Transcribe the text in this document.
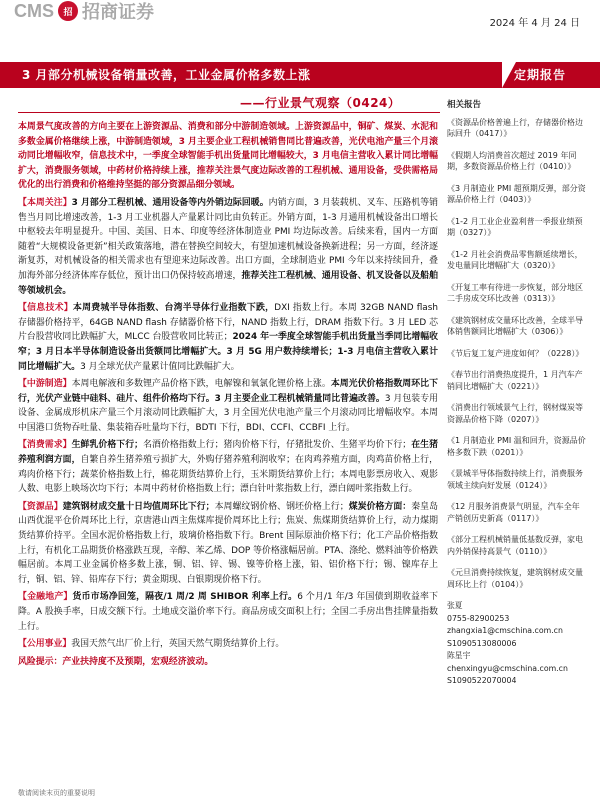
CMS	招 招商证券
2024 年 4 月 24 日
3 月部分机械设备销量改善，工业金属价格多数上涨	定期报告
——行业景气观察（0424）

本周景气度改善的方向主要在上游资源品、消费和部分中游制造领域。上游资源品中，铜矿、煤炭、水泥和多数金属价格继续上涨，中游制造领域，3 月主要企业工程机械销售同比普遍改善，光伏电池产量三个月滚动同比增幅收窄，信息技术中，一季度全球智能手机出货量同比增幅较大，3 月电信主营收入累计同比增幅扩大，消费服务领域，中药材价格持续上涨，推荐关注景气度边际改善的工程机械、通用设备，受供需格局优化的出行消费和价格维持坚挺的部分资源品细分领域。

【本周关注】3 月部分工程机械、通用设备等内外销边际回暖。内销方面，3 月装载机、叉车、压路机等销售当月同比增速改善，1-3 月工业机器人产量累计同比由负转正。外销方面，1-3 月通用机械设备出口增长中枢较去年明显提升。中国、美国、日本、印度等经济体制造业 PMI 均边际改善。后续来看，国内一方面随着“大规模设备更新”相关政策落地，潜在替换空间较大，有望加速机械设备换新进程；另一方面，经济逐渐复苏，对机械设备的相关需求也有望迎来边际改善。出口方面，全球制造业 PMI 今年以来持续回升，叠加海外部分经济体库存低位，预计出口仍保持较高增速，推荐关注工程机械、通用设备、机叉设备以及船舶等领域机会。

【信息技术】本周费城半导体指数、台湾半导体行业指数下跌，DXI 指数上行。本周 32GB NAND flash 存储器价格持平，64GB NAND flash 存储器价格下行，NAND 指数上行，DRAM 指数下行。3 月 LED 芯片台股营收同比跌幅扩大，MLCC 台股营收同比转正；2024 年一季度全球智能手机出货量当季同比增幅收窄；3 月日本半导体制造设备出货额同比增幅扩大。3 月 5G 用户数持续增长；1-3 月电信主营收入累计同比增幅扩大。3 月全球光伏产量累计值同比跌幅扩大。

【中游制造】本周电解液和多数锂产品价格下跌，电解镍和氧氯化锂价格上涨。本周光伏价格指数周环比下行，光伏产业链中硅料、硅片、组件价格均下行。3 月主要企业工程机械销量同比普遍改善。3 月包装专用设备、金属成形机床产量三个月滚动同比跌幅扩大，3 月全国光伏电池产量三个月滚动同比增幅收窄。本周中国港口货物吞吐量、集装箱吞吐量均下行，BDTI 下行，BDI、CCFI、CCBFI 上行。

【消费需求】生鲜乳价格下行；名酒价格指数上行；猪肉价格下行，仔猪批发价、生猪平均价下行；在生猪养殖利润方面，自繁自养生猪养殖亏损扩大，外购仔猪养殖利润收窄；在肉鸡养殖方面，肉鸡苗价格上行，鸡肉价格下行；蔬菜价格指数上行，棉花期货结算价上行，玉米期货结算价上行；本周电影票房收入、观影人数、电影上映场次均下行；本周中药材价格指数上行；漂白针叶浆指数上行，漂白阔叶浆指数上行。

【资源品】建筑钢材成交量十日均值周环比下行；本周螺纹钢价格、钢坯价格上行；煤炭价格方面：秦皇岛山西优混平仓价周环比上行，京唐港山西主焦煤库提价周环比上行；焦炭、焦煤期货结算价上行，动力煤期货结算价持平。全国水泥价格指数上行，玻璃价格指数下行。Brent 国际原油价格下行；化工产品价格指数上行，有机化工品期货价格涨跌互现，辛醇、苯乙烯、DOP 等价格涨幅居前。PTA、涤纶、燃料油等价格跌幅居前。本周工业金属价格多数上涨，铜、铝、锌、锡、镍等价格上涨，铅、铝价格下行；锡、镍库存上行，铜、铝、锌、铅库存下行；黄金期现、白银期现价格下行。

【金融地产】货币市场净回笼，隔夜/1 周/2 周 SHIBOR 利率上行。6 个月/1 年/3 年国债到期收益率下降。A 股换手率，日成交额下行。土地成交溢价率下行。商品房成交面积上行；全国二手房出售挂牌量指数上行。

【公用事业】我国天然气出厂价上行，英国天然气期货结算价上行。

风险提示：产业扶持度不及预期，宏观经济波动。

相关报告
《资源品价格普遍上行，存储器价格边际回升（0417）》
《假期人均消费首次超过 2019 年同期，多数资源品价格上行（0410）》
《3 月制造业 PMI 超预期反弹，部分资源品价格上行（0403）》
《1-2 月工业企业盈利普一季报业绩预期（0327）》
《1-2 月社会消费品零售额延续增长，发电量同比增幅扩大（0320）》
《开复工率有待进一步恢复，部分地区二手房成交环比改善（0313）》
《建筑钢材成交量环比改善，全球半导体销售额同比增幅扩大（0306）》
《节后复工复产进度如何？（0228）》
《春节出行消费热度提升，1 月汽车产销同比增幅扩大（0221）》
《消费出行领域景气上行，钢材煤炭等资源品价格下降（0207）》
《1 月制造业 PMI 温和回升，资源品价格多数下跌（0201）》
《景城半导体指数持续上行，消费服务领域主续向好发展（0124）》
《12 月服务消费景气明显，汽车全年产销创历史新高（0117）》
《部分工程机械销量低基数反弹，家电内外销保持高景气（0110）》
《元旦消费持续恢复，建筑钢材成交量周环比上行（0104）》
张夏
0755-82900253
zhangxia1@cmschina.com.cn
S1090513080006
陈星宇
chenxingyu@cmschina.com.cn
S1090522070004
敬请阅读末页的重要说明
